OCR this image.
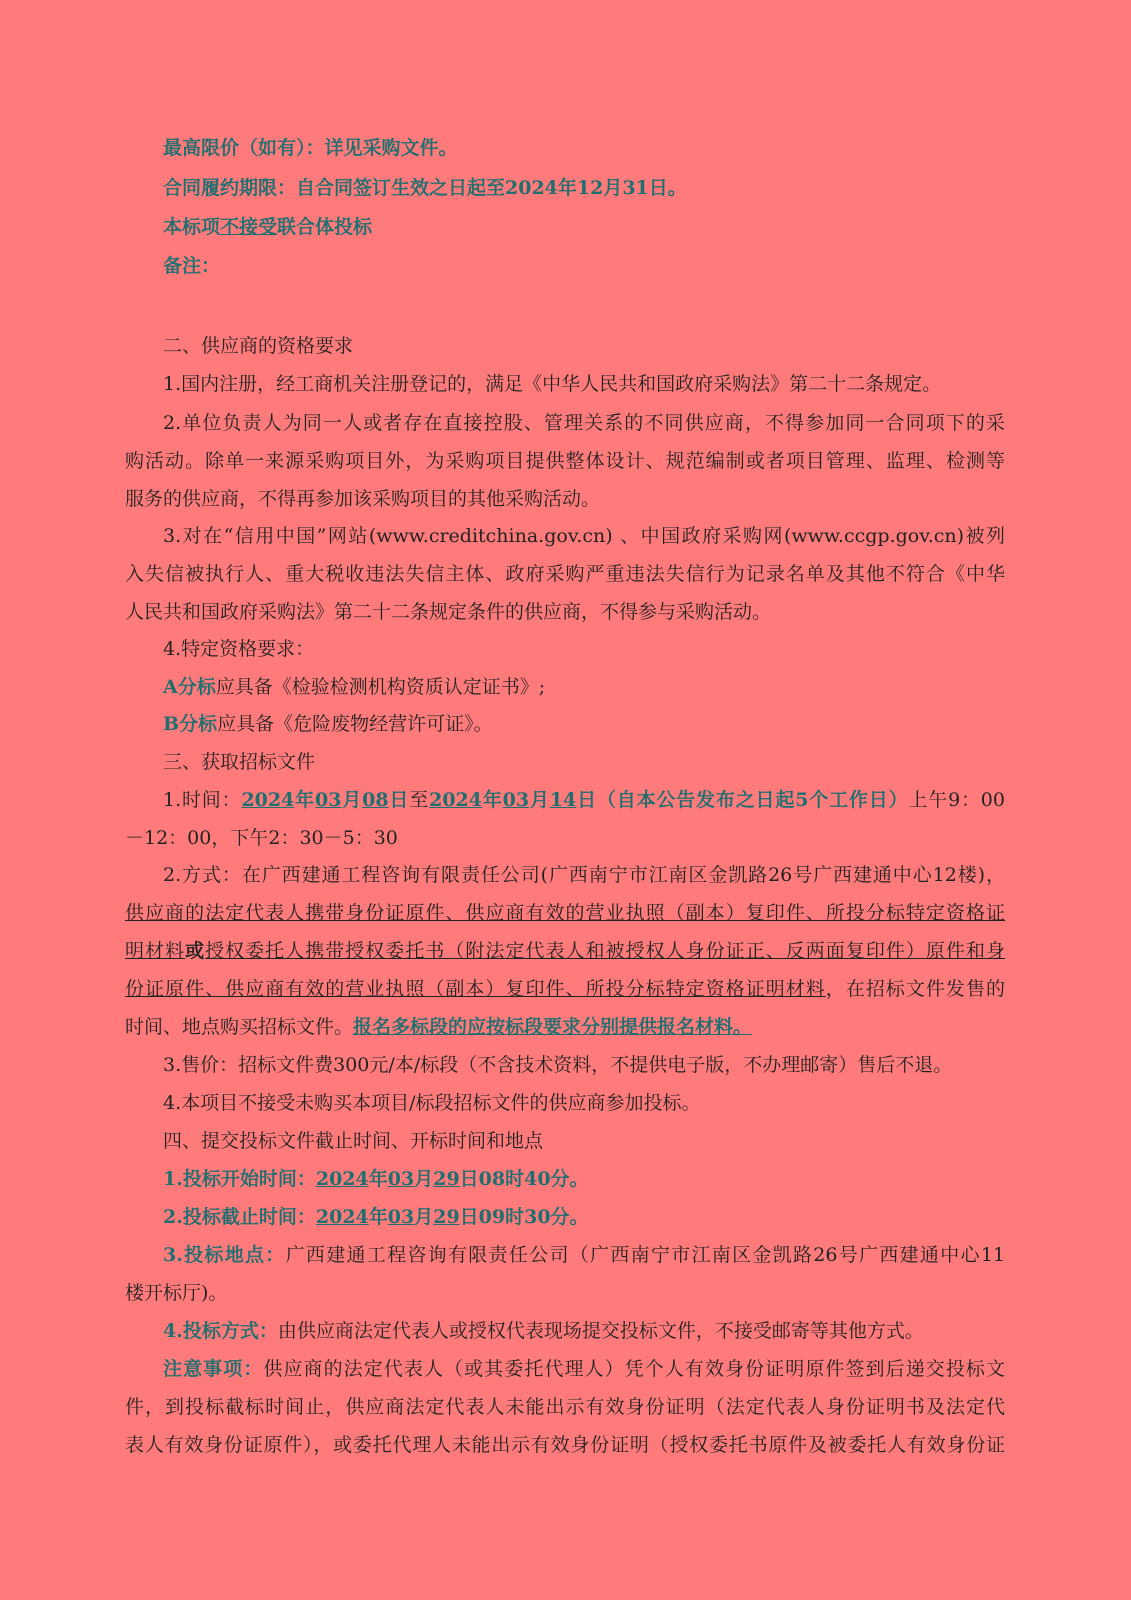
最高限价（如有）：详见采购文件。
合同履约期限：自合同签订生效之日起至2024年12月31日。
本标项不接受联合体投标
备注：
二、供应商的资格要求
1.国内注册，经工商机关注册登记的，满足《中华人民共和国政府采购法》第二十二条规定。
2.单位负责人为同一人或者存在直接控股、管理关系的不同供应商，不得参加同一合同项下的采
购活动。除单一来源采购项目外，为采购项目提供整体设计、规范编制或者项目管理、监理、检测等
服务的供应商，不得再参加该采购项目的其他采购活动。
3.对在“信用中国”网站(www.creditchina.gov.cn) 、中国政府采购网(www.ccgp.gov.cn)被列
入失信被执行人、重大税收违法失信主体、政府采购严重违法失信行为记录名单及其他不符合《中华
人民共和国政府采购法》第二十二条规定条件的供应商，不得参与采购活动。
4.特定资格要求：
A分标应具备《检验检测机构资质认定证书》;
B分标应具备《危险废物经营许可证》。
三、获取招标文件
1.时间：2024年03月08日至2024年03月14日（自本公告发布之日起5个工作日）上午9：00
－12：00，下午2：30－5：30
2.方式：在广西建通工程咨询有限责任公司(广西南宁市江南区金凯路26号广西建通中心12楼)，
供应商的法定代表人携带身份证原件、供应商有效的营业执照（副本）复印件、所投分标特定资格证
明材料或授权委托人携带授权委托书（附法定代表人和被授权人身份证正、反两面复印件）原件和身
份证原件、供应商有效的营业执照（副本）复印件、所投分标特定资格证明材料，在招标文件发售的
时间、地点购买招标文件。报名多标段的应按标段要求分别提供报名材料。
3.售价：招标文件费300元/本/标段（不含技术资料，不提供电子版，不办理邮寄）售后不退。
4.本项目不接受未购买本项目/标段招标文件的供应商参加投标。
四、提交投标文件截止时间、开标时间和地点
1.投标开始时间：2024年03月29日08时40分。
2.投标截止时间：2024年03月29日09时30分。
3.投标地点：广西建通工程咨询有限责任公司（广西南宁市江南区金凯路26号广西建通中心11
楼开标厅)。
4.投标方式：由供应商法定代表人或授权代表现场提交投标文件，不接受邮寄等其他方式。
注意事项：供应商的法定代表人（或其委托代理人）凭个人有效身份证明原件签到后递交投标文
件，到投标截标时间止，供应商法定代表人未能出示有效身份证明（法定代表人身份证明书及法定代
表人有效身份证原件），或委托代理人未能出示有效身份证明（授权委托书原件及被委托人有效身份证
